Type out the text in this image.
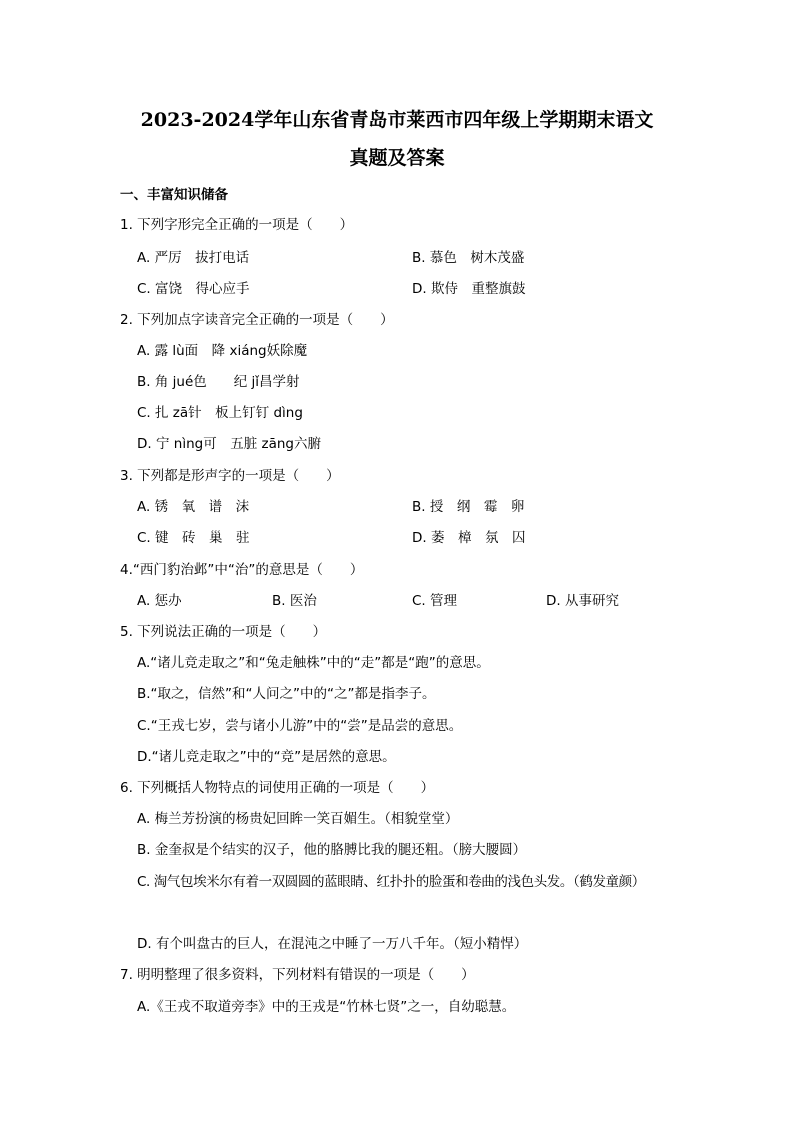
2023-2024学年山东省青岛市莱西市四年级上学期期末语文
真题及答案
一、丰富知识储备
1. 下列字形完全正确的一项是（　　）
A. 严厉　拔打电话	B. 慕色　树木茂盛
C. 富饶　得心应手	D. 欺侍　重整旗鼓
2. 下列加点字读音完全正确的一项是（　　）
A. 露 lù面　降 xiáng妖除魔
B. 角 jué色　　纪 jǐ昌学射
C. 扎 zā针　板上钉钉 dìng
D. 宁 nìng可　五脏 zāng六腑
3. 下列都是形声字的一项是（　　）
A. 锈　氧　谱　沫	B. 授　纲　霉　卵
C. 键　砖　巢　驻	D. 萎　樟　氛　囚
4.“西门豹治邺”中“治”的意思是（　　）
A. 惩办	B. 医治	C. 管理	D. 从事研究
5. 下列说法正确的一项是（　　）
A.“诸儿竞走取之”和“兔走触株”中的“走”都是“跑”的意思。
B.“取之，信然”和“人问之”中的“之”都是指李子。
C.“王戎七岁，尝与诸小儿游”中的“尝”是品尝的意思。
D.“诸儿竞走取之”中的“竞”是居然的意思。
6. 下列概括人物特点的词使用正确的一项是（　　）
A. 梅兰芳扮演的杨贵妃回眸一笑百媚生。（相貌堂堂）
B. 金奎叔是个结实的汉子，他的胳膊比我的腿还粗。（膀大腰圆）
C. 淘气包埃米尔有着一双圆圆的蓝眼睛、红扑扑的脸蛋和卷曲的浅色头发。（鹤发童颜）
D. 有个叫盘古的巨人，在混沌之中睡了一万八千年。（短小精悍）
7. 明明整理了很多资料，下列材料有错误的一项是（　　）
A.《王戎不取道旁李》中的王戎是“竹林七贤”之一，自幼聪慧。
